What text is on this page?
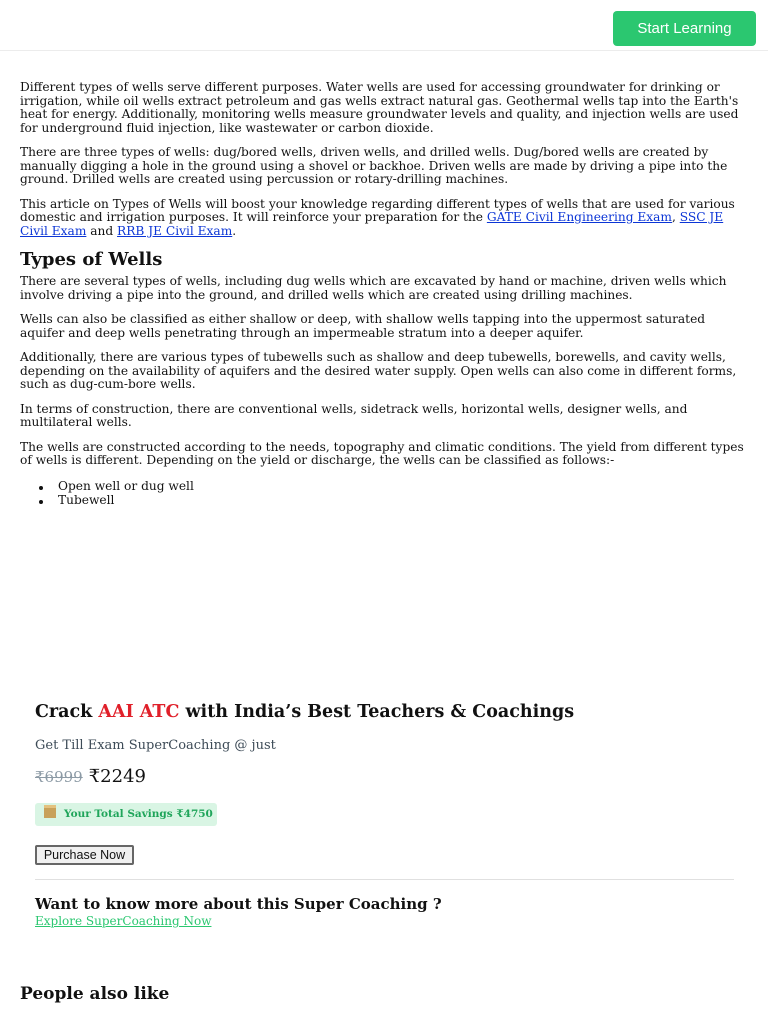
Start Learning

Different types of wells serve different purposes. Water wells are used for accessing groundwater for drinking or irrigation, while oil wells extract petroleum and gas wells extract natural gas. Geothermal wells tap into the Earth's heat for energy. Additionally, monitoring wells measure groundwater levels and quality, and injection wells are used for underground fluid injection, like wastewater or carbon dioxide.

There are three types of wells: dug/bored wells, driven wells, and drilled wells. Dug/bored wells are created by manually digging a hole in the ground using a shovel or backhoe. Driven wells are made by driving a pipe into the ground. Drilled wells are created using percussion or rotary-drilling machines.

This article on Types of Wells will boost your knowledge regarding different types of wells that are used for various domestic and irrigation purposes. It will reinforce your preparation for the GATE Civil Engineering Exam, SSC JE Civil Exam and RRB JE Civil Exam.

Types of Wells

There are several types of wells, including dug wells which are excavated by hand or machine, driven wells which involve driving a pipe into the ground, and drilled wells which are created using drilling machines.

Wells can also be classified as either shallow or deep, with shallow wells tapping into the uppermost saturated aquifer and deep wells penetrating through an impermeable stratum into a deeper aquifer.

Additionally, there are various types of tubewells such as shallow and deep tubewells, borewells, and cavity wells, depending on the availability of aquifers and the desired water supply. Open wells can also come in different forms, such as dug-cum-bore wells.

In terms of construction, there are conventional wells, sidetrack wells, horizontal wells, designer wells, and multilateral wells.

The wells are constructed according to the needs, topography and climatic conditions. The yield from different types of wells is different. Depending on the yield or discharge, the wells can be classified as follows:-

Open well or dug well
Tubewell
Crack AAI ATC with India’s Best Teachers & Coachings
Get Till Exam SuperCoaching @ just
₹6999 ₹2249
Your Total Savings ₹4750
Purchase Now
Want to know more about this Super Coaching ?
Explore SuperCoaching Now
People also like
